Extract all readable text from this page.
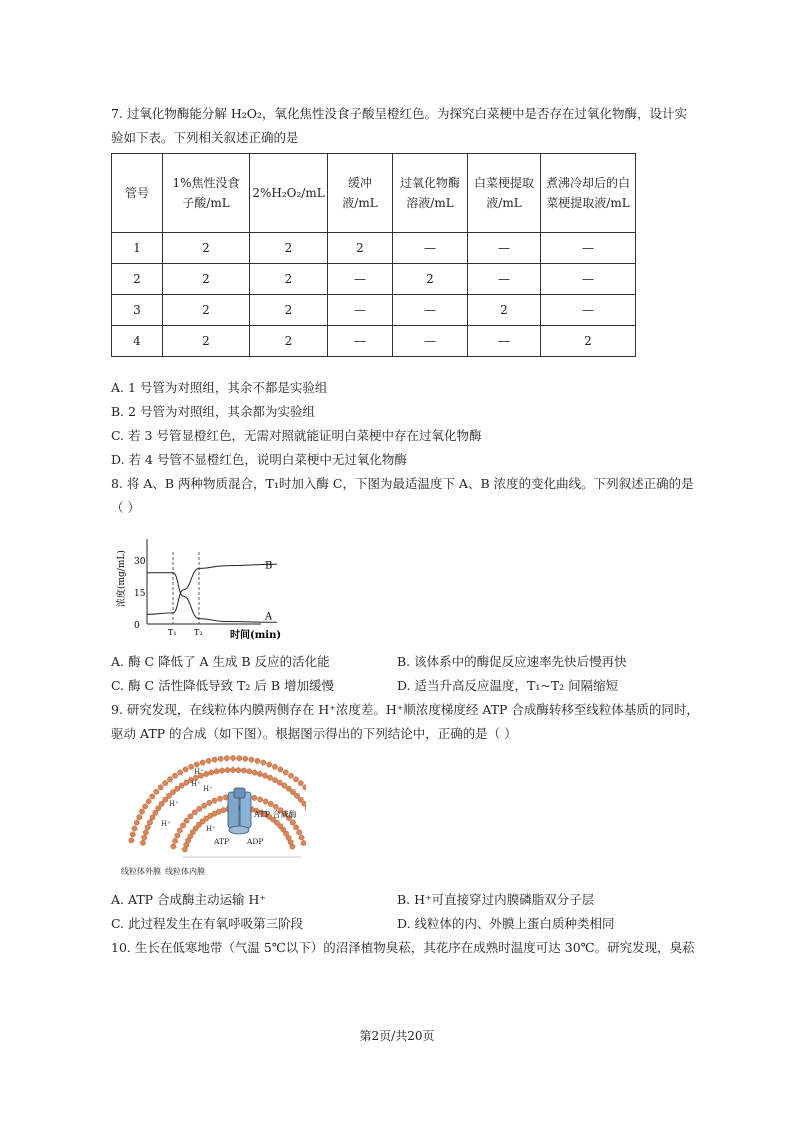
7. 过氧化物酶能分解 H₂O₂，氧化焦性没食子酸呈橙红色。为探究白菜梗中是否存在过氧化物酶，设计实
验如下表。下列相关叙述正确的是
管号	1%焦性没食子酸/mL	2%H₂O₂/mL	缓冲液/mL	过氧化物酶溶液/mL	白菜梗提取液/mL	煮沸冷却后的白菜梗提取液/mL
1	2	2	2	—	—	—
2	2	2	—	2	—	—
3	2	2	—	—	2	—
4	2	2	—	—	—	2
A. 1 号管为对照组，其余不都是实验组
B. 2 号管为对照组，其余都为实验组
C. 若 3 号管显橙红色，无需对照就能证明白菜梗中存在过氧化物酶
D. 若 4 号管不显橙红色，说明白菜梗中无过氧化物酶
8. 将 A、B 两种物质混合，T₁时加入酶 C，下图为最适温度下 A、B 浓度的变化曲线。下列叙述正确的是
（ ）
浓度(mg/mL)
时间(min)
0
15
30
T₁ T₂
A
B
A. 酶 C 降低了 A 生成 B 反应的活化能	B. 该体系中的酶促反应速率先快后慢再快
C. 酶 C 活性降低导致 T₂ 后 B 增加缓慢	D. 适当升高反应温度，T₁~T₂ 间隔缩短
9. 研究发现，在线粒体内膜两侧存在 H⁺浓度差。H⁺顺浓度梯度经 ATP 合成酶转移至线粒体基质的同时，
驱动 ATP 的合成（如下图）。根据图示得出的下列结论中，正确的是（ ）
H⁺
H⁺
H⁺
H⁺
H⁺
H⁺
ATP 合成酶
ATP ADP
线粒体外膜 线粒体内膜
A. ATP 合成酶主动运输 H⁺	B. H⁺可直接穿过内膜磷脂双分子层
C. 此过程发生在有氧呼吸第三阶段	D. 线粒体的内、外膜上蛋白质种类相同
10. 生长在低寒地带（气温 5℃以下）的沼泽植物臭菘，其花序在成熟时温度可达 30℃。研究发现，臭菘
第2页/共20页
